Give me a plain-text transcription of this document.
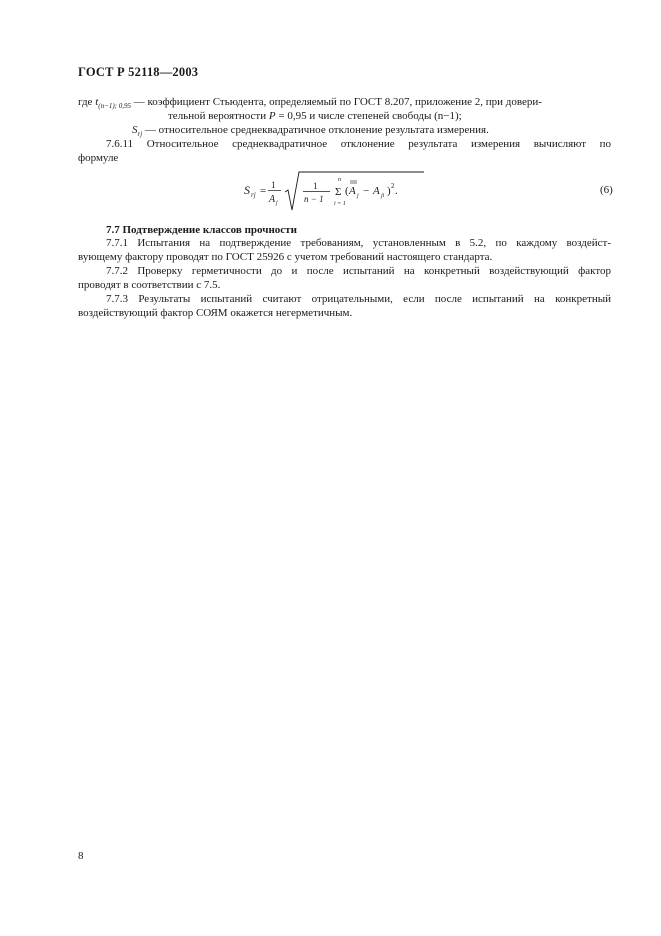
ГОСТ Р 52118—2003
где $t_{(n-1); 0,95}$ — коэффициент Стьюдента, определяемый по ГОСТ 8.207, приложение 2, при довери-
тельной вероятности P = 0,95 и числе степеней свободы (n−1);
$S_{rj}$ — относительное среднеквадратичное отклонение результата измерения.
7.6.11 Относительное среднеквадратичное отклонение результата измерения вычисляют по
формуле
S rj = 1
A j
1
n − 1
n
Σ
i = 1
( A j − A ji ) 2 .	(6)
7.7 Подтверждение классов прочности
7.7.1 Испытания на подтверждение требованиям, установленным в 5.2, по каждому воздейст-
вующему фактору проводят по ГОСТ 25926 с учетом требований настоящего стандарта.
7.7.2 Проверку герметичности до и после испытаний на конкретный воздействующий фактор
проводят в соответствии с 7.5.
7.7.3 Результаты испытаний считают отрицательными, если после испытаний на конкретный
воздействующий фактор СОЯМ окажется негерметичным.
8
